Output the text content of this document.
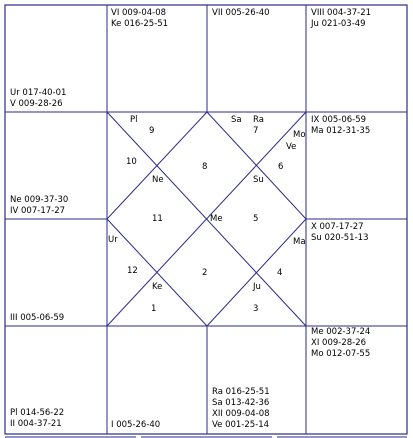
Ur 017-40-01
V 009-28-26
VI 009-04-08
Ke 016-25-51
VII 005-26-40	VIII 004-37-21
Ju 021-03-49
Ne 009-37-30
IV 007-17-27
IX 005-06-59
Ma 012-31-35
III 005-06-59
X 007-17-27
Su 020-51-13
Pl 014-56-22
II 004-37-21	I 005-26-40
Ra 016-25-51
Sa 013-42-36
XII 009-04-08
Ve 001-25-14
Me 002-37-24
XI 009-28-26
Mo 012-07-55
9	7
10	8	6
11	5
12	2	4
1	3
Pl	Sa Ra
Mo
Ve
Ne	Su
Me
Ur	Ma
Ke	Ju
